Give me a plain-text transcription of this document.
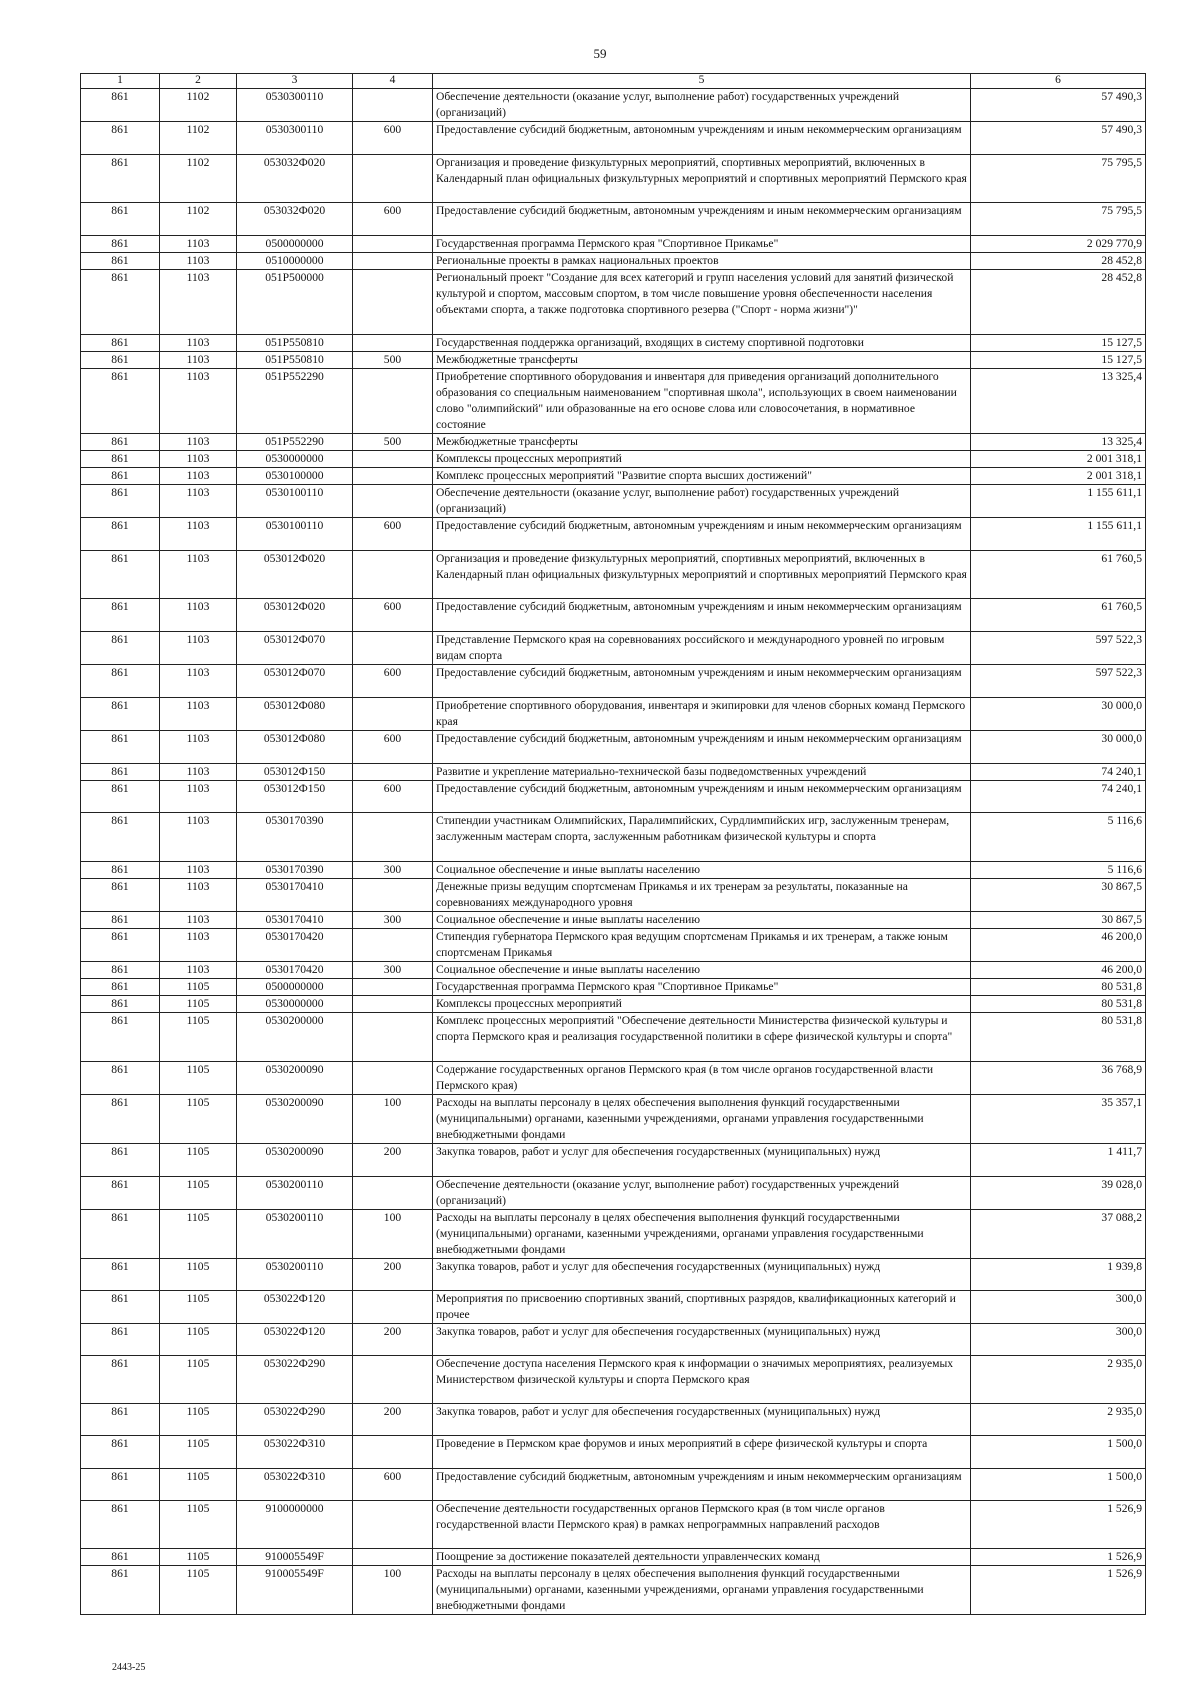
59
1	2	3	4	5	6
861	1102	0530300110		Обеспечение деятельности (оказание услуг, выполнение работ) государственных учреждений (организаций)	57 490,3
861	1102	0530300110	600	Предоставление субсидий бюджетным, автономным учреждениям и иным некоммерческим организациям	57 490,3
861	1102	053032Ф020		Организация и проведение физкультурных мероприятий, спортивных мероприятий, включенных в Календарный план официальных физкультурных мероприятий и спортивных мероприятий Пермского края	75 795,5
861	1102	053032Ф020	600	Предоставление субсидий бюджетным, автономным учреждениям и иным некоммерческим организациям	75 795,5
861	1103	0500000000		Государственная программа Пермского края "Спортивное Прикамье"	2 029 770,9
861	1103	0510000000		Региональные проекты в рамках национальных проектов	28 452,8
861	1103	051P500000		Региональный проект "Создание для всех категорий и групп населения условий для занятий физической культурой и спортом, массовым спортом, в том числе повышение уровня обеспеченности населения объектами спорта, а также подготовка спортивного резерва ("Спорт - норма жизни")"	28 452,8
861	1103	051P550810		Государственная поддержка организаций, входящих в систему спортивной подготовки	15 127,5
861	1103	051P550810	500	Межбюджетные трансферты	15 127,5
861	1103	051P552290		Приобретение спортивного оборудования и инвентаря для приведения организаций дополнительного образования со специальным наименованием "спортивная школа", использующих в своем наименовании слово "олимпийский" или образованные на его основе слова или словосочетания, в нормативное состояние	13 325,4
861	1103	051P552290	500	Межбюджетные трансферты	13 325,4
861	1103	0530000000		Комплексы процессных мероприятий	2 001 318,1
861	1103	0530100000		Комплекс процессных мероприятий "Развитие спорта высших достижений"	2 001 318,1
861	1103	0530100110		Обеспечение деятельности (оказание услуг, выполнение работ) государственных учреждений (организаций)	1 155 611,1
861	1103	0530100110	600	Предоставление субсидий бюджетным, автономным учреждениям и иным некоммерческим организациям	1 155 611,1
861	1103	053012Ф020		Организация и проведение физкультурных мероприятий, спортивных мероприятий, включенных в Календарный план официальных физкультурных мероприятий и спортивных мероприятий Пермского края	61 760,5
861	1103	053012Ф020	600	Предоставление субсидий бюджетным, автономным учреждениям и иным некоммерческим организациям	61 760,5
861	1103	053012Ф070		Представление Пермского края на соревнованиях российского и международного уровней по игровым видам спорта	597 522,3
861	1103	053012Ф070	600	Предоставление субсидий бюджетным, автономным учреждениям и иным некоммерческим организациям	597 522,3
861	1103	053012Ф080		Приобретение спортивного оборудования, инвентаря и экипировки для членов сборных команд Пермского края	30 000,0
861	1103	053012Ф080	600	Предоставление субсидий бюджетным, автономным учреждениям и иным некоммерческим организациям	30 000,0
861	1103	053012Ф150		Развитие и укрепление материально-технической базы подведомственных учреждений	74 240,1
861	1103	053012Ф150	600	Предоставление субсидий бюджетным, автономным учреждениям и иным некоммерческим организациям	74 240,1
861	1103	0530170390		Стипендии участникам Олимпийских, Паралимпийских, Сурдлимпийских игр, заслуженным тренерам, заслуженным мастерам спорта, заслуженным работникам физической культуры и спорта	5 116,6
861	1103	0530170390	300	Социальное обеспечение и иные выплаты населению	5 116,6
861	1103	0530170410		Денежные призы ведущим спортсменам Прикамья и их тренерам за результаты, показанные на соревнованиях международного уровня	30 867,5
861	1103	0530170410	300	Социальное обеспечение и иные выплаты населению	30 867,5
861	1103	0530170420		Стипендия губернатора Пермского края ведущим спортсменам Прикамья и их тренерам, а также юным спортсменам Прикамья	46 200,0
861	1103	0530170420	300	Социальное обеспечение и иные выплаты населению	46 200,0
861	1105	0500000000		Государственная программа Пермского края "Спортивное Прикамье"	80 531,8
861	1105	0530000000		Комплексы процессных мероприятий	80 531,8
861	1105	0530200000		Комплекс процессных мероприятий "Обеспечение деятельности Министерства физической культуры и спорта Пермского края и реализация государственной политики в сфере физической культуры и спорта"	80 531,8
861	1105	0530200090		Содержание государственных органов Пермского края (в том числе органов государственной власти Пермского края)	36 768,9
861	1105	0530200090	100	Расходы на выплаты персоналу в целях обеспечения выполнения функций государственными (муниципальными) органами, казенными учреждениями, органами управления государственными внебюджетными фондами	35 357,1
861	1105	0530200090	200	Закупка товаров, работ и услуг для обеспечения государственных (муниципальных) нужд	1 411,7
861	1105	0530200110		Обеспечение деятельности (оказание услуг, выполнение работ) государственных учреждений (организаций)	39 028,0
861	1105	0530200110	100	Расходы на выплаты персоналу в целях обеспечения выполнения функций государственными (муниципальными) органами, казенными учреждениями, органами управления государственными внебюджетными фондами	37 088,2
861	1105	0530200110	200	Закупка товаров, работ и услуг для обеспечения государственных (муниципальных) нужд	1 939,8
861	1105	053022Ф120		Мероприятия по присвоению спортивных званий, спортивных разрядов, квалификационных категорий и прочее	300,0
861	1105	053022Ф120	200	Закупка товаров, работ и услуг для обеспечения государственных (муниципальных) нужд	300,0
861	1105	053022Ф290		Обеспечение доступа населения Пермского края к информации о значимых мероприятиях, реализуемых Министерством физической культуры и спорта Пермского края	2 935,0
861	1105	053022Ф290	200	Закупка товаров, работ и услуг для обеспечения государственных (муниципальных) нужд	2 935,0
861	1105	053022Ф310		Проведение в Пермском крае форумов и иных мероприятий в сфере физической культуры и спорта	1 500,0
861	1105	053022Ф310	600	Предоставление субсидий бюджетным, автономным учреждениям и иным некоммерческим организациям	1 500,0
861	1105	9100000000		Обеспечение деятельности государственных органов Пермского края (в том числе органов государственной власти Пермского края) в рамках непрограммных направлений расходов	1 526,9
861	1105	910005549F		Поощрение за достижение показателей деятельности управленческих команд	1 526,9
861	1105	910005549F	100	Расходы на выплаты персоналу в целях обеспечения выполнения функций государственными (муниципальными) органами, казенными учреждениями, органами управления государственными внебюджетными фондами	1 526,9
2443-25
